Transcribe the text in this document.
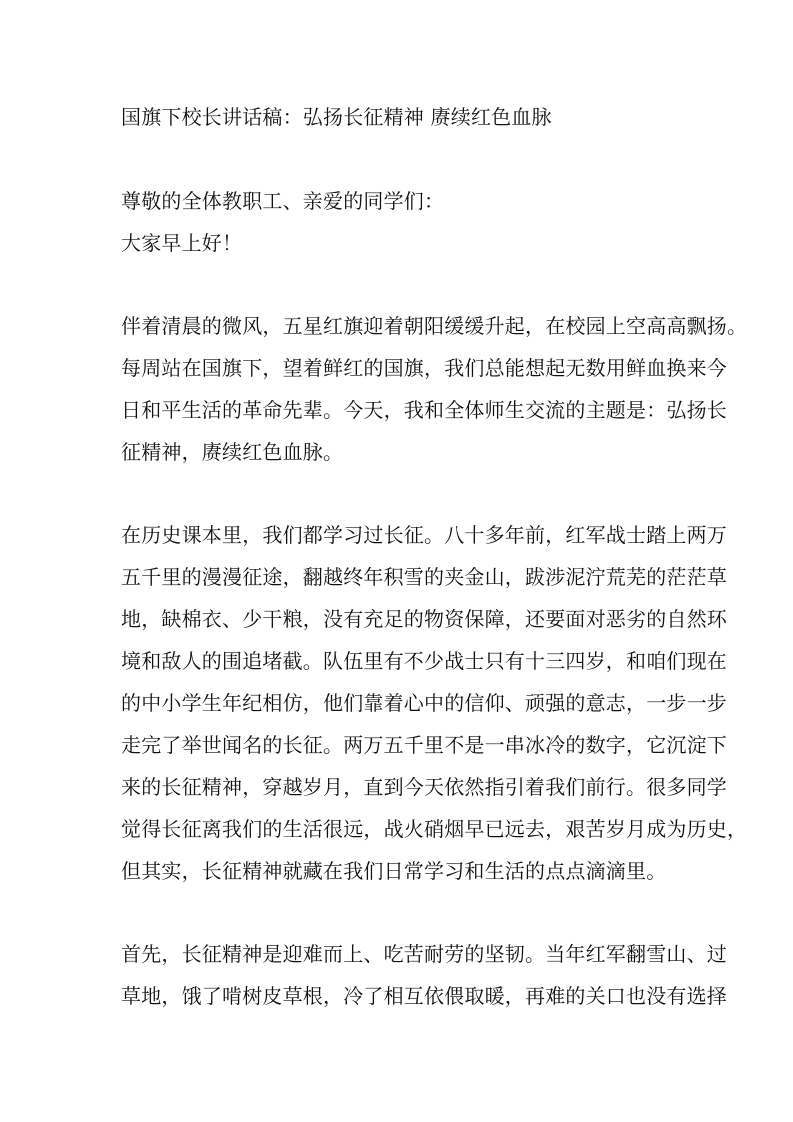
国旗下校长讲话稿：弘扬长征精神 赓续红色血脉
尊敬的全体教职工、亲爱的同学们：
大家早上好！
伴着清晨的微风，五星红旗迎着朝阳缓缓升起，在校园上空高高飘扬。
每周站在国旗下，望着鲜红的国旗，我们总能想起无数用鲜血换来今
日和平生活的革命先辈。今天，我和全体师生交流的主题是：弘扬长
征精神，赓续红色血脉。
在历史课本里，我们都学习过长征。八十多年前，红军战士踏上两万
五千里的漫漫征途，翻越终年积雪的夹金山，跋涉泥泞荒芜的茫茫草
地，缺棉衣、少干粮，没有充足的物资保障，还要面对恶劣的自然环
境和敌人的围追堵截。队伍里有不少战士只有十三四岁，和咱们现在
的中小学生年纪相仿，他们靠着心中的信仰、顽强的意志，一步一步
走完了举世闻名的长征。两万五千里不是一串冰冷的数字，它沉淀下
来的长征精神，穿越岁月，直到今天依然指引着我们前行。很多同学
觉得长征离我们的生活很远，战火硝烟早已远去，艰苦岁月成为历史，
但其实，长征精神就藏在我们日常学习和生活的点点滴滴里。
首先，长征精神是迎难而上、吃苦耐劳的坚韧。当年红军翻雪山、过
草地，饿了啃树皮草根，冷了相互依偎取暖，再难的关口也没有选择
